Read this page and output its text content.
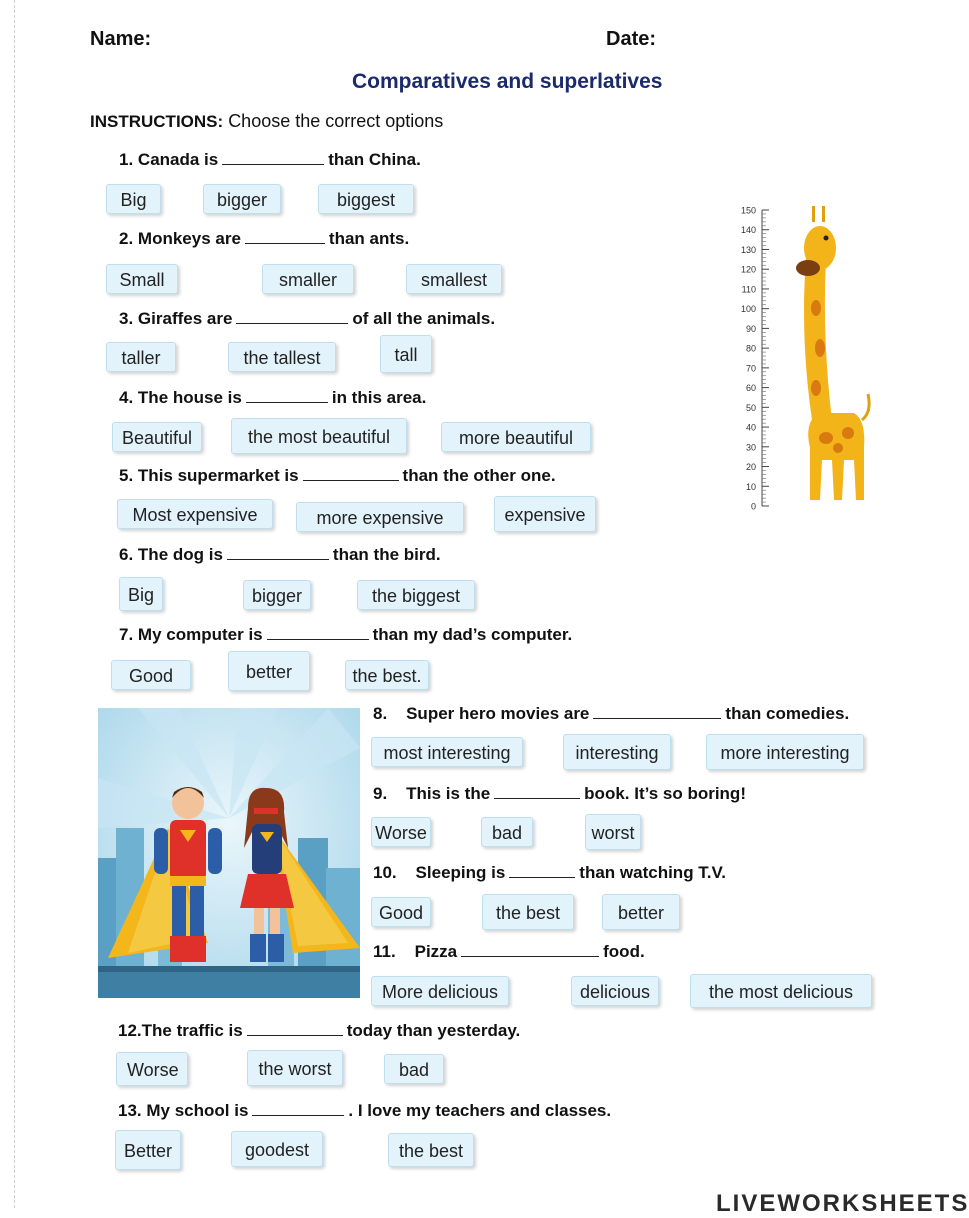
Name:	Date:
Comparatives and superlatives
INSTRUCTIONS: Choose the correct options
1. Canada is	than China.
Big	bigger	biggest
2. Monkeys are	than ants.
Small	smaller	smallest
3. Giraffes are	of all the animals.
taller	the tallest	tall
4. The house is	in this area.
Beautiful	the most beautiful	more beautiful
5. This supermarket is	than the other one.
Most expensive	more expensive	expensive
6. The dog is	than the bird.
Big	bigger	the biggest
7. My computer is	than my dad’s computer.
Good	better	the best.
8. Super hero movies are	than comedies.
most interesting	interesting	more interesting
9. This is the	book. It’s so boring!
Worse	bad	worst
10. Sleeping is	than watching T.V.
Good	the best	better
11. Pizza	food.
More delicious	delicious	the most delicious
12.The traffic is	today than yesterday.
Worse	the worst	bad
13. My school is	. I love my teachers and classes.
Better	goodest	the best
150
140
130
120
110
100
90
80
70
60
50
40
30
20
10
0
LIVEWORKSHEETS
